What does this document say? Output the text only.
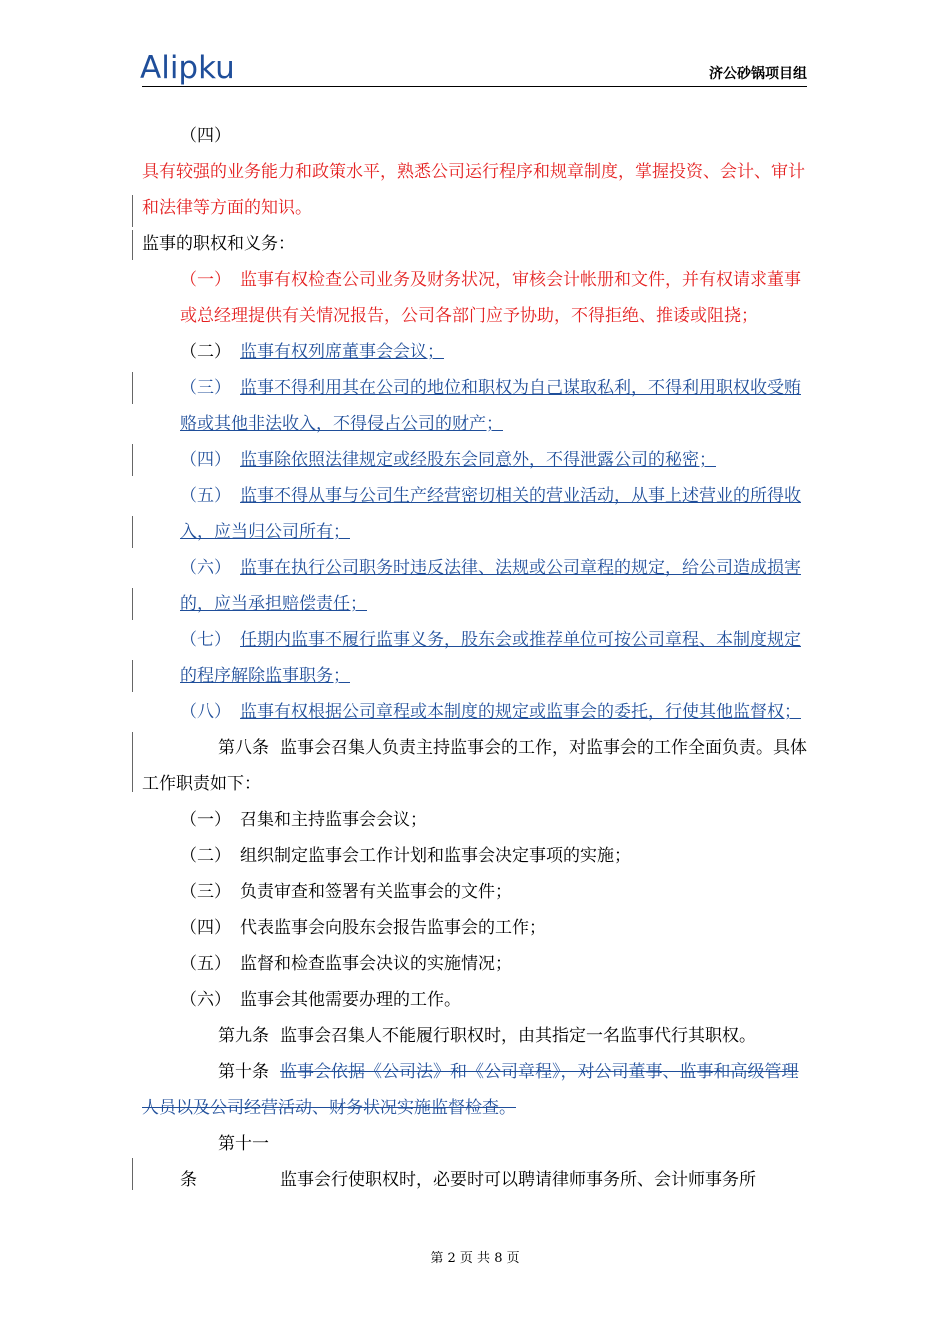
Alipku	济公砂锅项目组

（四）

具有较强的业务能力和政策水平，熟悉公司运行程序和规章制度，掌握投资、会计、审计和法律等方面的知识。

监事的职权和义务：

（一） 监事有权检查公司业务及财务状况，审核会计帐册和文件，并有权请求董事或总经理提供有关情况报告，公司各部门应予协助，不得拒绝、推诿或阻挠；

（二） 监事有权列席董事会会议；

（三） 监事不得利用其在公司的地位和职权为自己谋取私利，不得利用职权收受贿赂或其他非法收入，不得侵占公司的财产；

（四） 监事除依照法律规定或经股东会同意外，不得泄露公司的秘密；

（五） 监事不得从事与公司生产经营密切相关的营业活动，从事上述营业的所得收入，应当归公司所有；

（六） 监事在执行公司职务时违反法律、法规或公司章程的规定，给公司造成损害的，应当承担赔偿责任；

（七） 任期内监事不履行监事义务，股东会或推荐单位可按公司章程、本制度规定的程序解除监事职务；

（八） 监事有权根据公司章程或本制度的规定或监事会的委托，行使其他监督权；

第八条 监事会召集人负责主持监事会的工作，对监事会的工作全面负责。具体工作职责如下：

（一） 召集和主持监事会会议；

（二） 组织制定监事会工作计划和监事会决定事项的实施；

（三） 负责审查和签署有关监事会的文件；

（四） 代表监事会向股东会报告监事会的工作；

（五） 监督和检查监事会决议的实施情况；

（六） 监事会其他需要办理的工作。

第九条 监事会召集人不能履行职权时，由其指定一名监事代行其职权。

第十条 监事会依据《公司法》和《公司章程》，对公司董事、监事和高级管理人员以及公司经营活动、财务状况实施监督检查。

第十一条	监事会行使职权时，必要时可以聘请律师事务所、会计师事务所

第 2 页 共 8 页
